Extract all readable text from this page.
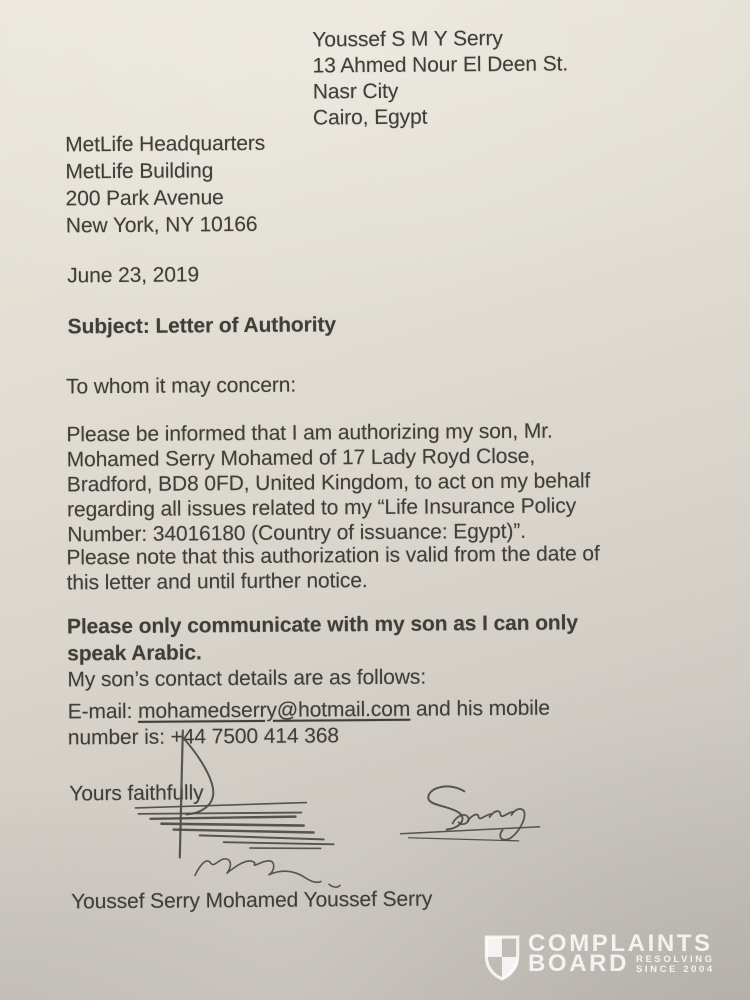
Youssef S M Y Serry
13 Ahmed Nour El Deen St.
Nasr City
Cairo, Egypt

MetLife Headquarters
MetLife Building
200 Park Avenue
New York, NY 10166

June 23, 2019

Subject: Letter of Authority

To whom it may concern:

Please be informed that I am authorizing my son, Mr.
Mohamed Serry Mohamed of 17 Lady Royd Close,
Bradford, BD8 0FD, United Kingdom, to act on my behalf
regarding all issues related to my “Life Insurance Policy
Number: 34016180 (Country of issuance: Egypt)”.

Please note that this authorization is valid from the date of
this letter and until further notice.

Please only communicate with my son as I can only
speak Arabic.

My son’s contact details are as follows:

E-mail: mohamedserry@hotmail.com and his mobile
number is: +44 7500 414 368

Yours faithfully

Youssef Serry Mohamed Youssef Serry

COMPLAINTS
BOARD RESOLVING
SINCE 2004
